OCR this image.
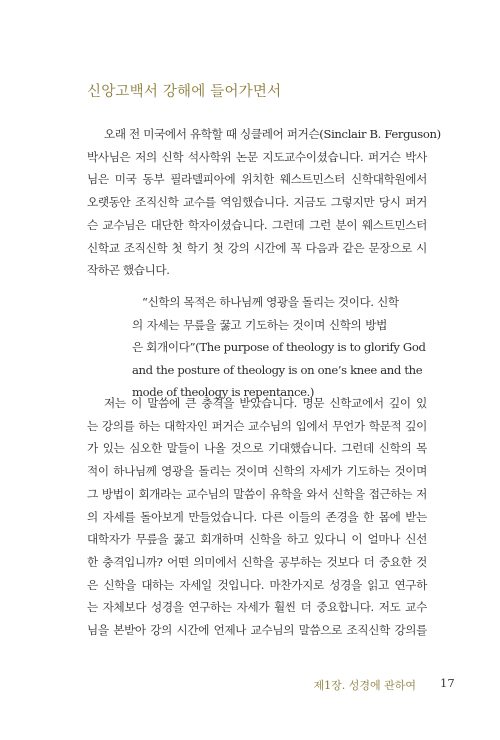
신앙고백서 강해에 들어가면서
오래 전 미국에서 유학할 때 싱클레어 퍼거슨(Sinclair B. Ferguson)
박사님은 저의 신학 석사학위 논문 지도교수이셨습니다. 퍼거슨 박사
님은 미국 동부 필라델피아에 위치한 웨스트민스터 신학대학원에서
오랫동안 조직신학 교수를 역임했습니다. 지금도 그렇지만 당시 퍼거
슨 교수님은 대단한 학자이셨습니다. 그런데 그런 분이 웨스트민스터
신학교 조직신학 첫 학기 첫 강의 시간에 꼭 다음과 같은 문장으로 시
작하곤 했습니다.
“신학의 목적은 하나님께 영광을 돌리는 것이다. 신학
의 자세는 무릎을 꿇고 기도하는 것이며 신학의 방법
은 회개이다”(The purpose of theology is to glorify God
and the posture of theology is on one’s knee and the
mode of theology is repentance.)
저는 이 말씀에 큰 충격을 받았습니다. 명문 신학교에서 깊이 있
는 강의를 하는 대학자인 퍼거슨 교수님의 입에서 무언가 학문적 깊이
가 있는 심오한 말들이 나올 것으로 기대했습니다. 그런데 신학의 목
적이 하나님께 영광을 돌리는 것이며 신학의 자세가 기도하는 것이며
그 방법이 회개라는 교수님의 말씀이 유학을 와서 신학을 접근하는 저
의 자세를 돌아보게 만들었습니다. 다른 이들의 존경을 한 몸에 받는
대학자가 무릎을 꿇고 회개하며 신학을 하고 있다니 이 얼마나 신선
한 충격입니까? 어떤 의미에서 신학을 공부하는 것보다 더 중요한 것
은 신학을 대하는 자세일 것입니다. 마찬가지로 성경을 읽고 연구하
는 자체보다 성경을 연구하는 자세가 훨씬 더 중요합니다. 저도 교수
님을 본받아 강의 시간에 언제나 교수님의 말씀으로 조직신학 강의를
제1장. 성경에 관하여 17
